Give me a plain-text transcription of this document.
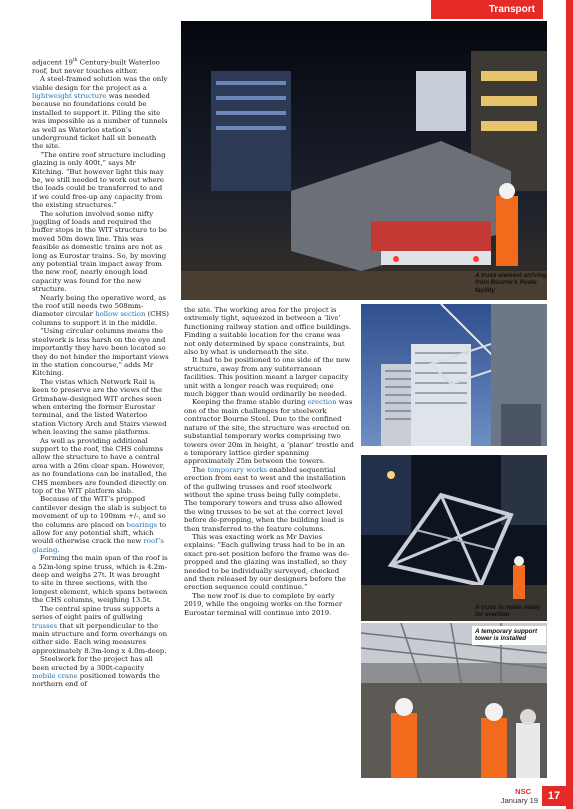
Transport
A truss element arriving from Bourne’s Poole facility
A truss is made ready for erection
A temporary support tower is installed

adjacent 19th Century-built Waterloo roof, but never touches either.

A steel-framed solution was the only viable design for the project as a lightweight structure was needed because no foundations could be installed to support it. Piling the site was impossible as a number of tunnels as well as Waterloo station’s underground ticket hall sit beneath the site.

“The entire roof structure including glazing is only 400t,” says Mr Kitching. “But however light this may be, we still needed to work out where the loads could be transferred to and if we could free-up any capacity from the existing structures.”

The solution involved some nifty juggling of loads and required the buffer stops in the WIT structure to be moved 50m down line. This was feasible as domestic trains are not as long as Eurostar trains. So, by moving any potential train impact away from the new roof, nearly enough load capacity was found for the new structure.

Nearly being the operative word, as the roof still needs two 508mm-diameter circular hollow section (CHS) columns to support it in the middle.

“Using circular columns means the steelwork is less harsh on the eye and importantly they have been located so they do not hinder the important views in the station concourse,” adds Mr Kitching.

The vistas which Network Rail is keen to preserve are the views of the Grimshaw-designed WIT arches seen when entering the former Eurostar terminal, and the listed Waterloo station Victory Arch and Stairs viewed when leaving the same platforms.

As well as providing additional support to the roof, the CHS columns allow the structure to have a central area with a 26m clear span. However, as no foundations can be installed, the CHS members are founded directly on top of the WIT platform slab.

Because of the WIT’s propped cantilever design the slab is subject to movement of up to 100mm +/-, and so the columns are placed on bearings to allow for any potential shift, which would otherwise crack the new roof’s glazing.

Forming the main span of the roof is a 52m-long spine truss, which is 4.2m-deep and weighs 27t. It was brought to site in three sections, with the longest element, which spans between the CHS columns, weighing 13.5t.

The central spine truss supports a series of eight pairs of gullwing trusses that sit perpendicular to the main structure and form overhangs on either side. Each wing measures approximately 8.3m-long x 4.0m-deep.

Steelwork for the project has all been erected by a 300t-capacity mobile crane positioned towards the northern end of

the site. The working area for the project is extremely tight, squeezed in between a ‘live’ functioning railway station and office buildings. Finding a suitable location for the crane was not only determined by space constraints, but also by what is underneath the site.

It had to be positioned to one side of the new structure, away from any subterranean facilities. This position meant a larger capacity unit with a longer reach was required; one much bigger than would ordinarily be needed.

Keeping the frame stable during erection was one of the main challenges for steelwork contractor Bourne Steel. Due to the confined nature of the site, the structure was erected on substantial temporary works comprising two towers over 20m in height, a ‘planar’ trestle and a temporary lattice girder spanning approximately 25m between the towers.

The temporary works enabled sequential erection from east to west and the installation of the gullwing trusses and roof steelwork without the spine truss being fully complete. The temporary towers and truss also allowed the wing trusses to be set at the correct level before de-propping, when the building load is then transferred to the feature columns.

This was exacting work as Mr Davies explains: “Each gullwing truss had to be in an exact pre-set position before the frame was de-propped and the glazing was installed, so they needed to be individually surveyed, checked and then released by our designers before the erection sequence could continue.”

The new roof is due to complete by early 2019, while the ongoing works on the former Eurostar terminal will continue into 2019.

NSC
January 19 17
